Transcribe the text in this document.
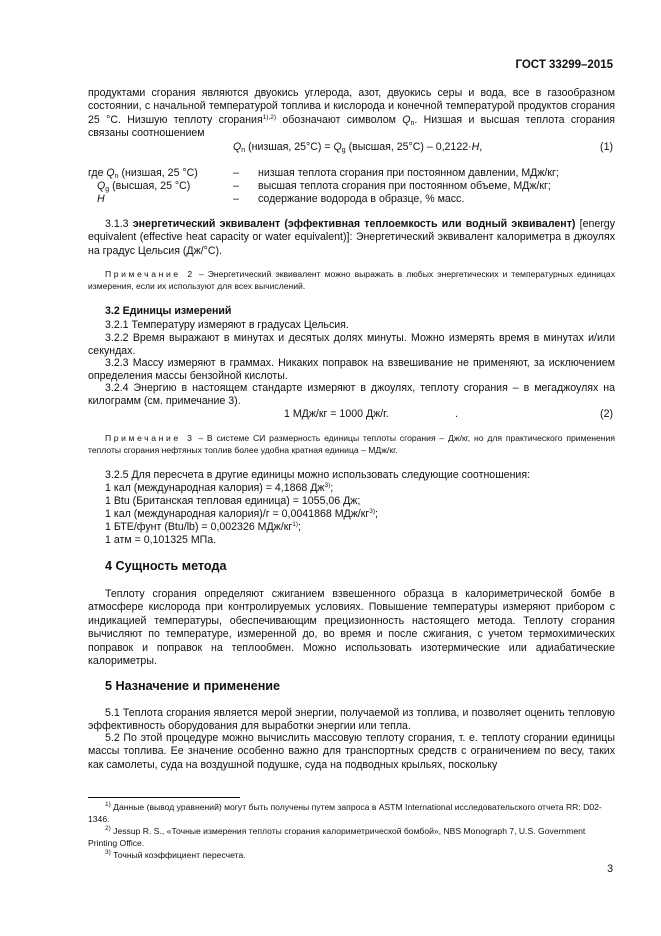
ГОСТ 33299–2015
продуктами сгорания являются двуокись углерода, азот, двуокись серы и вода, все в газообразном состоянии, с начальной температурой топлива и кислорода и конечной температурой продуктов сгорания 25 °С. Низшую теплоту сгорания$^{1),2)}$ обозначают символом $Q_n$. Низшая и высшая теплота сгорания связаны соотношением
$Q_n$ (низшая, $25^\circ С) = Q_g$ (высшая, 25°С) – 0,2122·H,	(1)
где $Q_n$ (низшая, 25 °С)	– низшая теплота сгорания при постоянном давлении, МДж/кг;
$Q_g$ (высшая, 25 °С)	– высшая теплота сгорания при постоянном объеме, МДж/кг;
H	– содержание водорода в образце, % масс.
3.1.3 энергетический эквивалент (эффективная теплоемкость или водный эквивалент) [energy equivalent (effective heat capacity or water equivalent)]: Энергетический эквивалент калориметра в джоулях на градус Цельсия (Дж/°С).
Примечание 2 – Энергетический эквивалент можно выражать в любых энергетических и температурных единицах измерения, если их используют для всех вычислений.
3.2 Единицы измерений
3.2.1 Температуру измеряют в градусах Цельсия.
3.2.2 Время выражают в минутах и десятых долях минуты. Можно измерять время в минутах и/или секундах.
3.2.3 Массу измеряют в граммах. Никаких поправок на взвешивание не применяют, за исключением определения массы бензойной кислоты.
3.2.4 Энергию в настоящем стандарте измеряют в джоулях, теплоту сгорания – в мегаджоулях на килограмм (см. примечание 3).
1 МДж/кг = 1000 Дж/г.	.	(2)
Примечание 3 – В системе СИ размерность единицы теплоты сгорания – Дж/кг, но для практического применения теплоты сгорания нефтяных топлив более удобна кратная единица – МДж/кг.
3.2.5 Для пересчета в другие единицы можно использовать следующие соотношения:
1 кал (международная калория) = 4,1868 $Дж^{3)}$;
1 Btu (Британская тепловая единица) = 1055,06 Дж;
1 кал (международная калория)/г = 0,0041868 МДж/$кг^{3)}$;
1 БТЕ/фунт (Btu/lb) = 0,002326 МДж/$кг^{1)}$;
1 атм = 0,101325 МПа.
4 Сущность метода
Теплоту сгорания определяют сжиганием взвешенного образца в калориметрической бомбе в атмосфере кислорода при контролируемых условиях. Повышение температуры измеряют прибором с индикацией температуры, обеспечивающим прецизионность настоящего метода. Теплоту сгорания вычисляют по температуре, измеренной до, во время и после сжигания, с учетом термохимических поправок и поправок на теплообмен. Можно использовать изотермические или адиабатические калориметры.
5 Назначение и применение
5.1 Теплота сгорания является мерой энергии, получаемой из топлива, и позволяет оценить тепловую эффективность оборудования для выработки энергии или тепла.
5.2 По этой процедуре можно вычислить массовую теплоту сгорания, т. е. теплоту сгорании единицы массы топлива. Ее значение особенно важно для транспортных средств с ограничением по весу, таких как самолеты, суда на воздушной подушке, суда на подводных крыльях, поскольку
$^{1)}$ Данные (вывод уравнений) могут быть получены путем запроса в ASTM International исследовательского отчета RR: D02-1346.
$^{2)}$ Jessup R. S., «Точные измерения теплоты сгорания калориметрической бомбой», NBS Monograph 7, U.S. Government Printing Office.
$^{3)}$ Точный коэффициент пересчета.
3
